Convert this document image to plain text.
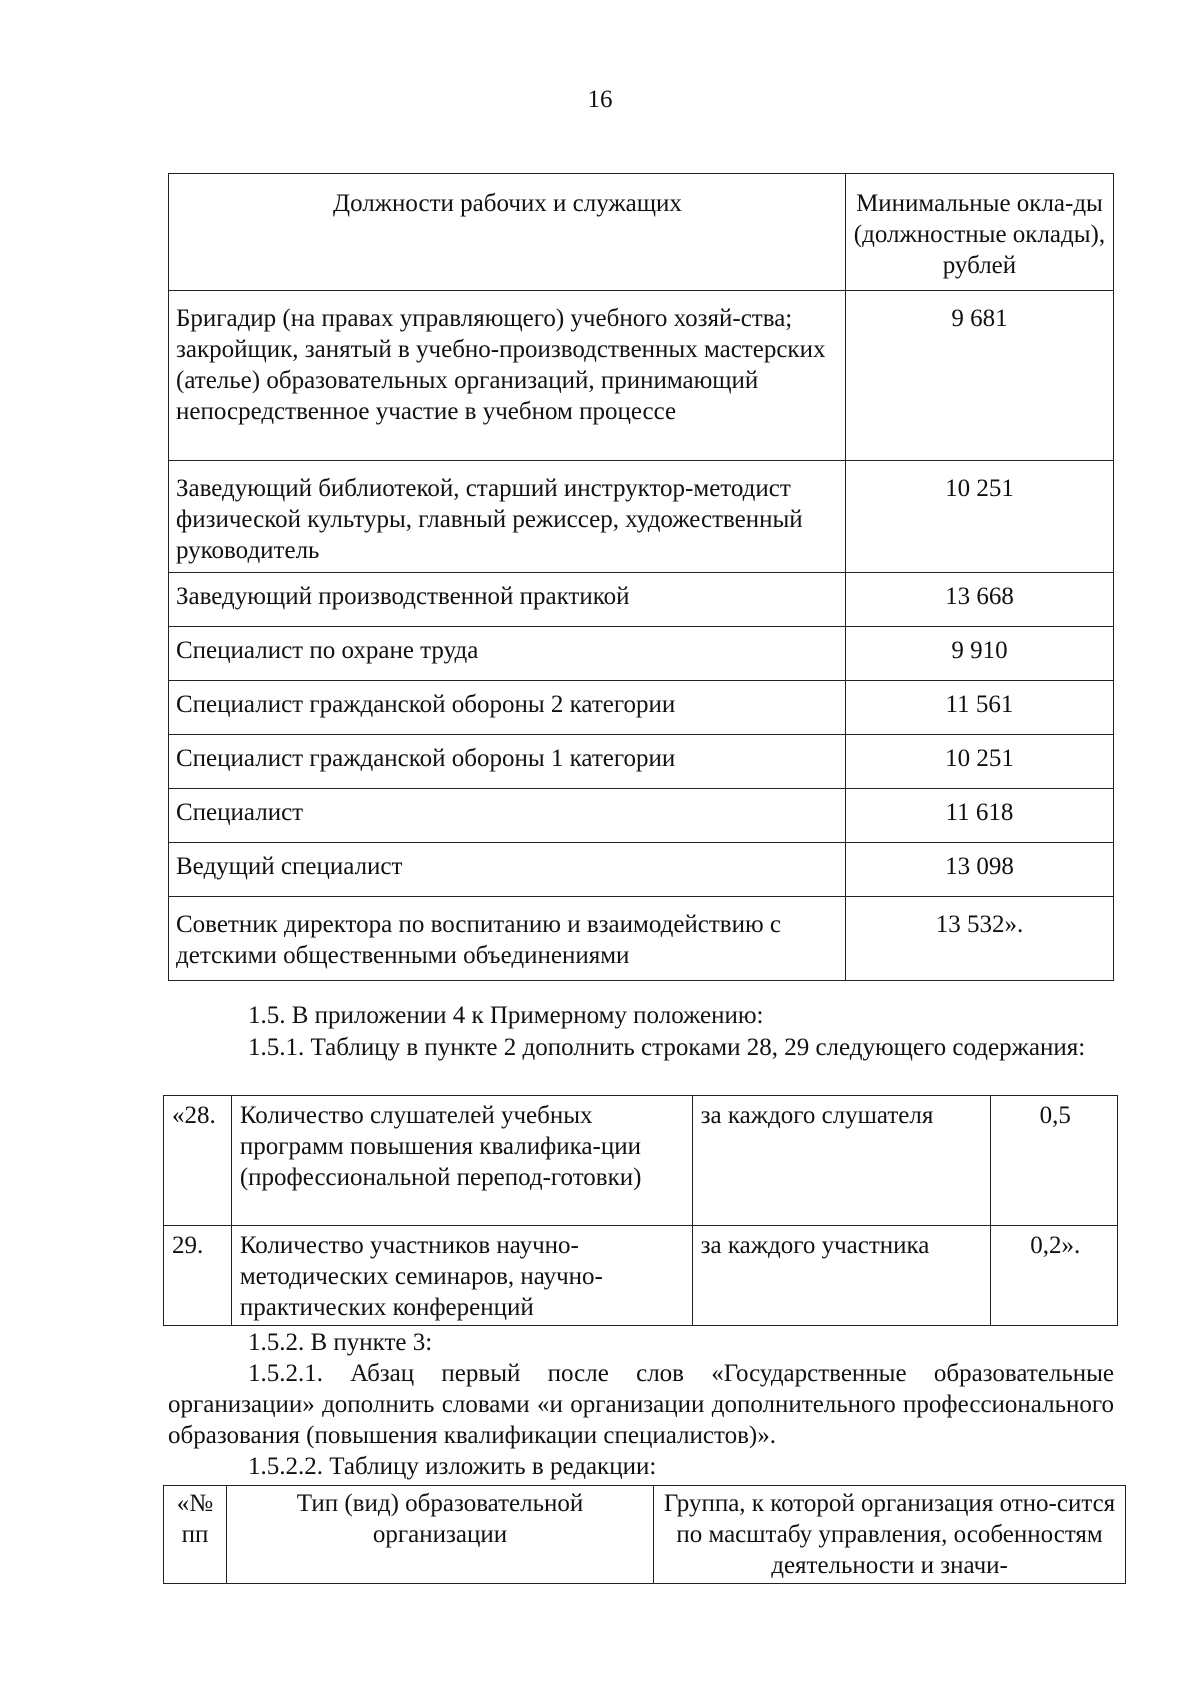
16
Должности рабочих и служащих	Минимальные окла-ды (должностные оклады), рублей
Бригадир (на правах управляющего) учебного хозяй-ства; закройщик, занятый в учебно-производственных мастерских (ателье) образовательных организаций, принимающий непосредственное участие в учебном процессе	9 681
Заведующий библиотекой, старший инструктор-методист физической культуры, главный режиссер, художественный руководитель	10 251
Заведующий производственной практикой	13 668
Специалист по охране труда	9 910
Специалист гражданской обороны 2 категории	11 561
Специалист гражданской обороны 1 категории	10 251
Специалист	11 618
Ведущий специалист	13 098
Советник директора по воспитанию и взаимодействию с детскими общественными объединениями	13 532».
1.5. В приложении 4 к Примерному положению:
1.5.1. Таблицу в пункте 2 дополнить строками 28, 29 следующего содержания:
«28.	Количество слушателей учебных программ повышения квалифика-ции (профессиональной перепод-готовки)	за каждого слушателя	0,5
29.	Количество участников научно-методических семинаров, научно-практических конференций	за каждого участника	0,2».
1.5.2. В пункте 3:
1.5.2.1. Абзац первый после слов «Государственные образовательные организации» дополнить словами «и организации дополнительного профессионального образования (повышения квалификации специалистов)».
1.5.2.2. Таблицу изложить в редакции:
«№ пп	Тип (вид) образовательной организации	Группа, к которой организация отно-сится по масштабу управления, особенностям деятельности и значи-
